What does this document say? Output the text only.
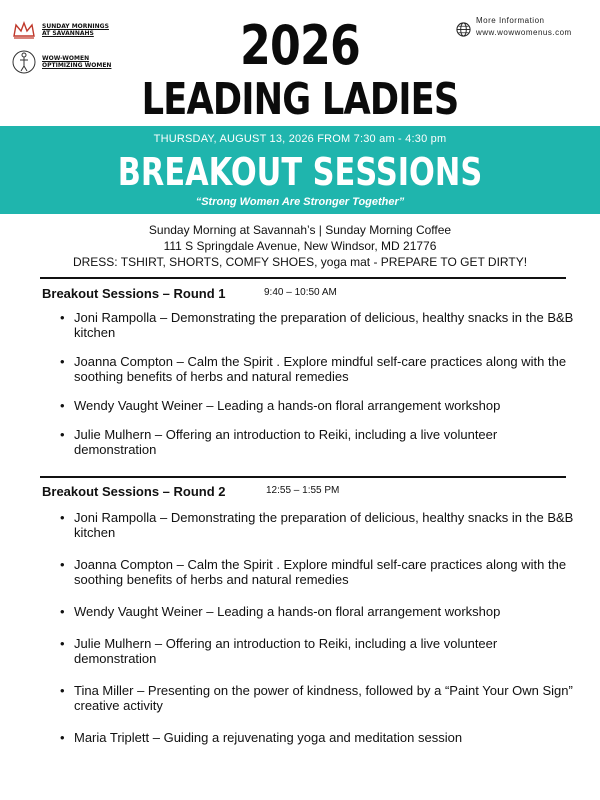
SUNDAY MORNINGS
AT SAVANNAHS
WOW-WOMEN
OPTIMIZING WOMEN	2026
LEADING LADIES
More Information
www.wowwomenus.com
THURSDAY, AUGUST 13, 2026 FROM 7:30 am - 4:30 pm
BREAKOUT SESSIONS
“Strong Women Are Stronger Together”
Sunday Morning at Savannah’s | Sunday Morning Coffee
111 S Springdale Avenue, New Windsor, MD 21776
DRESS: TSHIRT, SHORTS, COMFY SHOES, yoga mat - PREPARE TO GET DIRTY!
Breakout Sessions – Round 1	9:40 – 10:50 AM
• Joni Rampolla – Demonstrating the preparation of delicious, healthy snacks in the B&B kitchen
• Joanna Compton – Calm the Spirit . Explore mindful self-care practices along with the soothing benefits of herbs and natural remedies
• Wendy Vaught Weiner – Leading a hands-on floral arrangement workshop
• Julie Mulhern – Offering an introduction to Reiki, including a live volunteer demonstration
Breakout Sessions – Round 2	12:55 – 1:55 PM
• Joni Rampolla – Demonstrating the preparation of delicious, healthy snacks in the B&B kitchen
• Joanna Compton – Calm the Spirit . Explore mindful self-care practices along with the soothing benefits of herbs and natural remedies
• Wendy Vaught Weiner – Leading a hands-on floral arrangement workshop
• Julie Mulhern – Offering an introduction to Reiki, including a live volunteer demonstration
• Tina Miller – Presenting on the power of kindness, followed by a “Paint Your Own Sign” creative activity
• Maria Triplett – Guiding a rejuvenating yoga and meditation session
